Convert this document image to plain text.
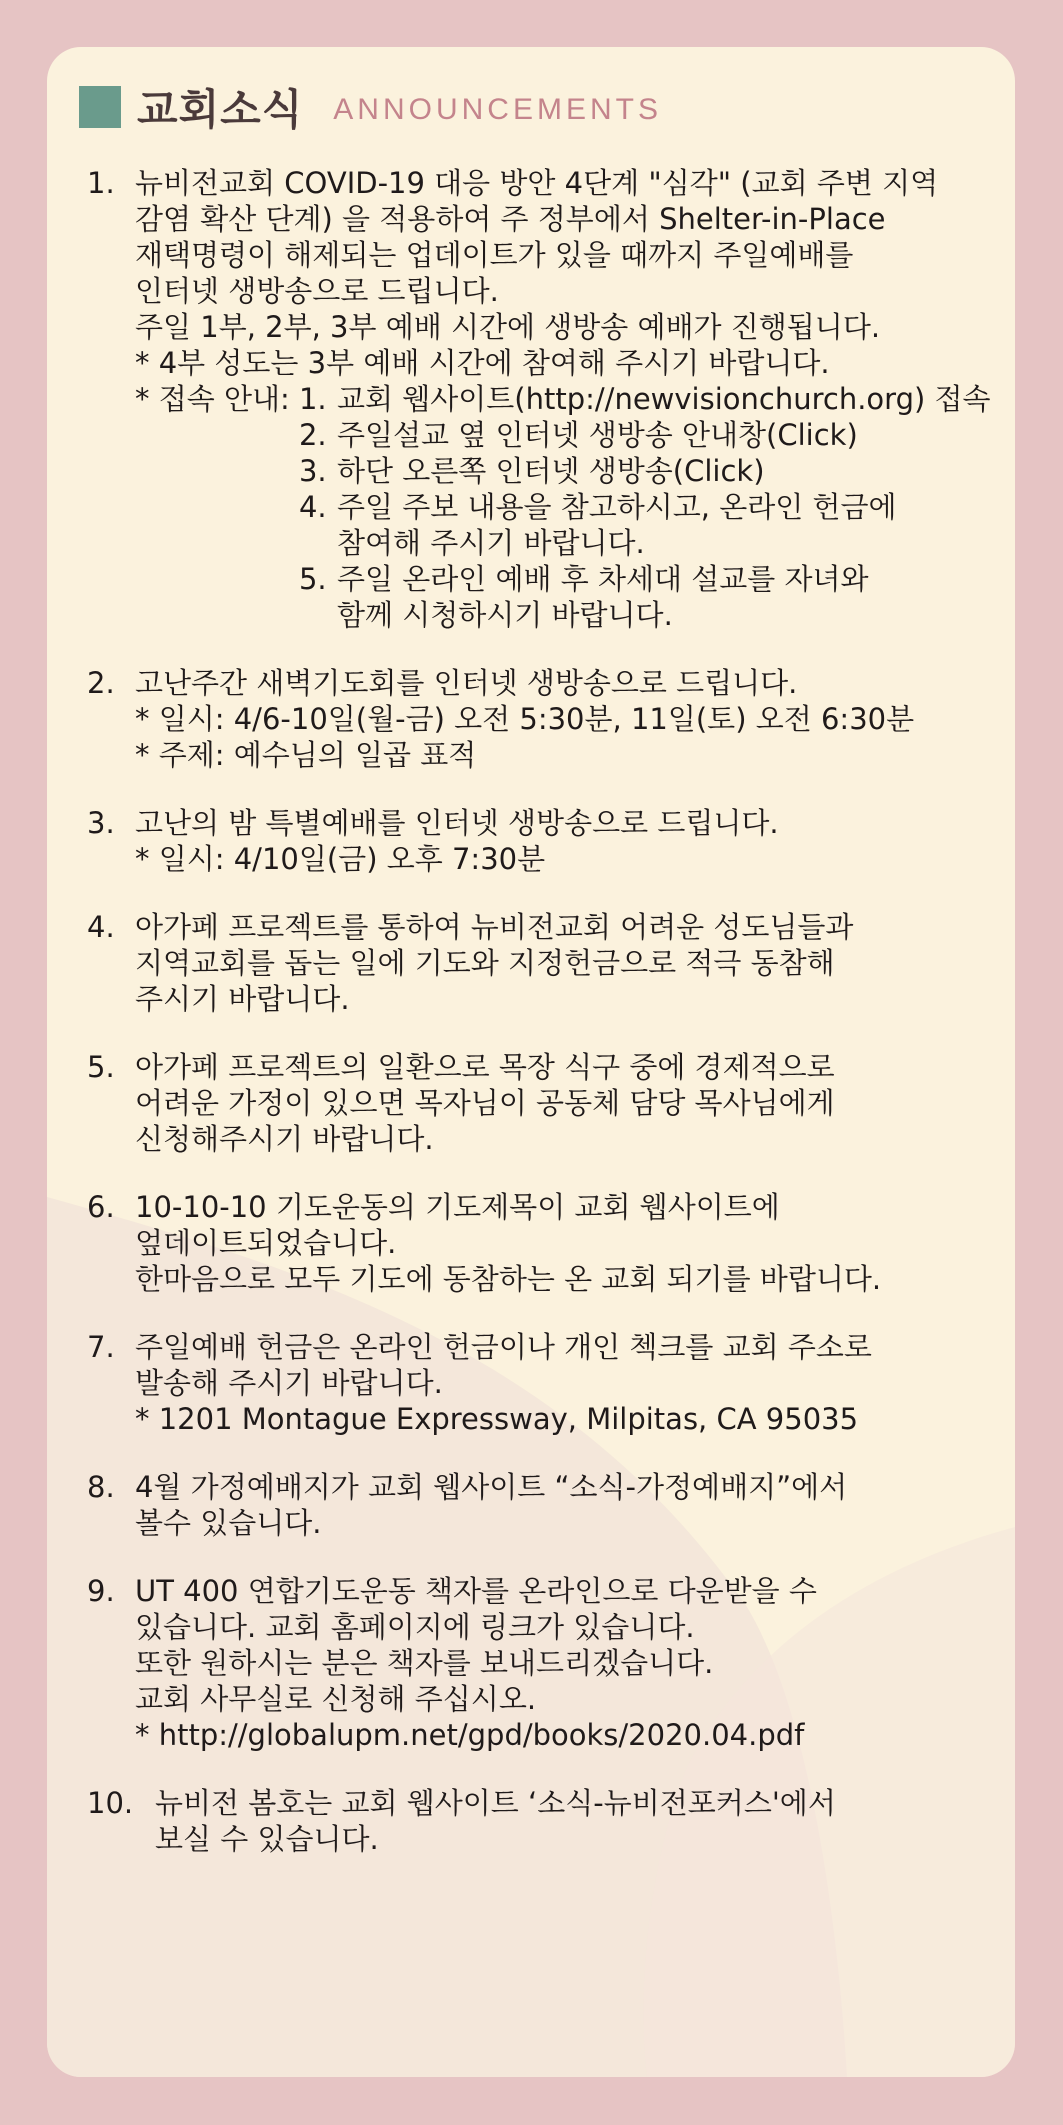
교회소식 ANNOUNCEMENTS
1. 뉴비전교회 COVID-19 대응 방안 4단계 "심각" (교회 주변 지역
감염 확산 단계) 을 적용하여 주 정부에서 Shelter-in-Place
재택명령이 해제되는 업데이트가 있을 때까지 주일예배를
인터넷 생방송으로 드립니다.
주일 1부, 2부, 3부 예배 시간에 생방송 예배가 진행됩니다.
* 4부 성도는 3부 예배 시간에 참여해 주시기 바랍니다.
* 접속 안내: 1. 교회 웹사이트(http://newvisionchurch.org) 접속
2. 주일설교 옆 인터넷 생방송 안내창(Click)
3. 하단 오른쪽 인터넷 생방송(Click)
4. 주일 주보 내용을 참고하시고, 온라인 헌금에
참여해 주시기 바랍니다.
5. 주일 온라인 예배 후 차세대 설교를 자녀와
함께 시청하시기 바랍니다.
2. 고난주간 새벽기도회를 인터넷 생방송으로 드립니다.
* 일시: 4/6-10일(월-금) 오전 5:30분, 11일(토) 오전 6:30분
* 주제: 예수님의 일곱 표적
3. 고난의 밤 특별예배를 인터넷 생방송으로 드립니다.
* 일시: 4/10일(금) 오후 7:30분
4. 아가페 프로젝트를 통하여 뉴비전교회 어려운 성도님들과
지역교회를 돕는 일에 기도와 지정헌금으로 적극 동참해
주시기 바랍니다.
5. 아가페 프로젝트의 일환으로 목장 식구 중에 경제적으로
어려운 가정이 있으면 목자님이 공동체 담당 목사님에게
신청해주시기 바랍니다.
6. 10-10-10 기도운동의 기도제목이 교회 웹사이트에
엎데이트되었습니다.
한마음으로 모두 기도에 동참하는 온 교회 되기를 바랍니다.
7. 주일예배 헌금은 온라인 헌금이나 개인 첵크를 교회 주소로
발송해 주시기 바랍니다.
* 1201 Montague Expressway, Milpitas, CA 95035
8. 4월 가정예배지가 교회 웹사이트 “소식-가정예배지”에서
볼수 있습니다.
9. UT 400 연합기도운동 책자를 온라인으로 다운받을 수
있습니다. 교회 홈페이지에 링크가 있습니다.
또한 원하시는 분은 책자를 보내드리겠습니다.
교회 사무실로 신청해 주십시오.
* http://globalupm.net/gpd/books/2020.04.pdf
10. 뉴비전 봄호는 교회 웹사이트 ‘소식-뉴비전포커스'에서
보실 수 있습니다.
